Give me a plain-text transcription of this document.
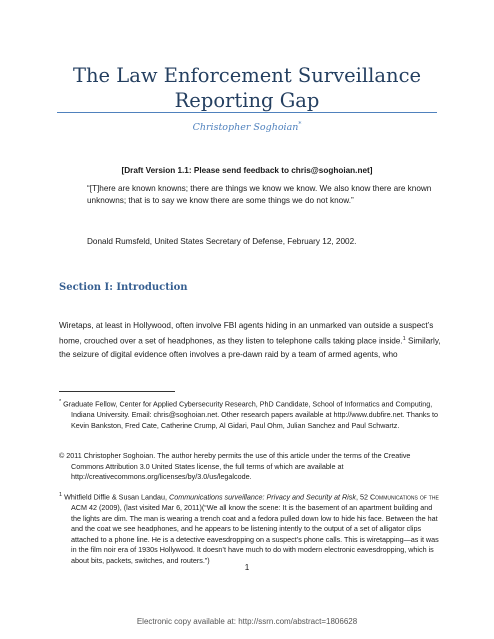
The Law Enforcement Surveillance
Reporting Gap
Christopher Soghoian*
[Draft Version 1.1: Please send feedback to chris@soghoian.net]
“[T]here are known knowns; there are things we know we know. We also know there are known unknowns; that is to say we know there are some things we do not know.”
Donald Rumsfeld, United States Secretary of Defense, February 12, 2002.
Section I: Introduction
Wiretaps, at least in Hollywood, often involve FBI agents hiding in an unmarked van outside a suspect’s home, crouched over a set of headphones, as they listen to telephone calls taking place inside.$^1$ Similarly, the seizure of digital evidence often involves a pre-dawn raid by a team of armed agents, who
* Graduate Fellow, Center for Applied Cybersecurity Research, PhD Candidate, School of Informatics and Computing, Indiana University. Email: chris@soghoian.net. Other research papers available at http://www.dubfire.net. Thanks to Kevin Bankston, Fred Cate, Catherine Crump, Al Gidari, Paul Ohm, Julian Sanchez and Paul Schwartz.
© 2011 Christopher Soghoian. The author hereby permits the use of this article under the terms of the Creative Commons Attribution 3.0 United States license, the full terms of which are available at http://creativecommons.org/licenses/by/3.0/us/legalcode.
$^1$ Whitfield Diffie & Susan Landau, Communications surveillance: Privacy and Security at Risk, 52 Communications of the ACM 42 (2009), (last visited Mar 6, 2011)(“We all know the scene: It is the basement of an apartment building and the lights are dim. The man is wearing a trench coat and a fedora pulled down low to hide his face. Between the hat and the coat we see headphones, and he appears to be listening intently to the output of a set of alligator clips attached to a phone line. He is a detective eavesdropping on a suspect’s phone calls. This is wiretapping—as it was in the film noir era of 1930s Hollywood. It doesn’t have much to do with modern electronic eavesdropping, which is about bits, packets, switches, and routers.”)
1
Electronic copy available at: http://ssrn.com/abstract=1806628
